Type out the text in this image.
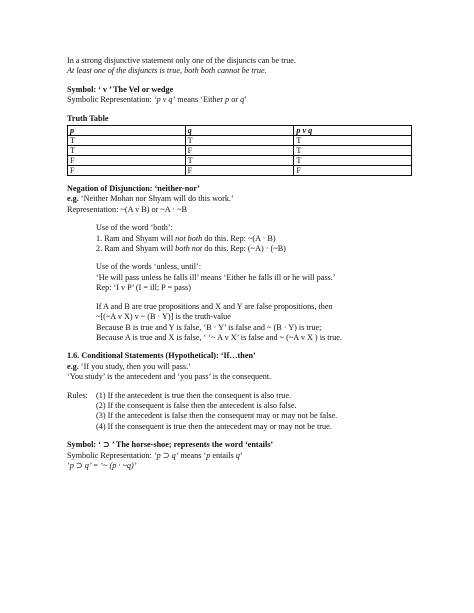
In a strong disjunctive statement only one of the disjuncts can be true.

At least one of the disjuncts is true, both both cannot be true.

Symbol: ‘ v ’ The Vel or wedge

Symbolic Representation: ‘p v q’ means ‘Either p or q’

Truth Table

p	q	p v q
T	T	T
T	F	T
F	T	T
F	F	F

Negation of Disjunction: ‘neither-nor’

e.g. ‘Neither Mohan nor Shyam will do this work.’

Representation: ~(A v B) or ~A · ~B

Use of the word ‘both’:

1. Ram and Shyam will not both do this. Rep: ~(A · B)

2. Ram and Shyam will both not do this. Rep: (~A) · (~B)

Use of the words ‘unless, until’:

‘He will pass unless he falls ill’ means ‘Either he falls ill or he will pass.’

Rep: ‘I v P’ (I = ill; P = pass)

If A and B are true propositions and X and Y are false propositions, then

~[(~A v X) v ~ (B · Y)] is the truth-value

Because B is true and Y is false, ‘B · Y’ is false and ~ (B · Y) is true;

Because A is true and X is false, ‘ ‘~ A v X’ is false and ~ (~A v X ) is true.

1.6. Conditional Statements (Hypothetical): ‘If…then’

e.g. ‘If you study, then you will pass.’

‘You study’ is the antecedent and ‘you pass’ is the consequent.

Rules: (1) If the antecedent is true then the consequent is also true.

(2) If the consequent is false then the antecedent is also false.

(3) If the antecedent is false then the consequent may or may not be false.

(4) If the consequent is true then the antecedent may or may not be true.

Symbol: ‘ ⊃ ’ The horse-shoe; represents the word ‘entails’

Symbolic Representation: ‘p ⊃ q’ means ‘p entails q’

‘p ⊃ q’ = ‘~ (p · ~q)’
